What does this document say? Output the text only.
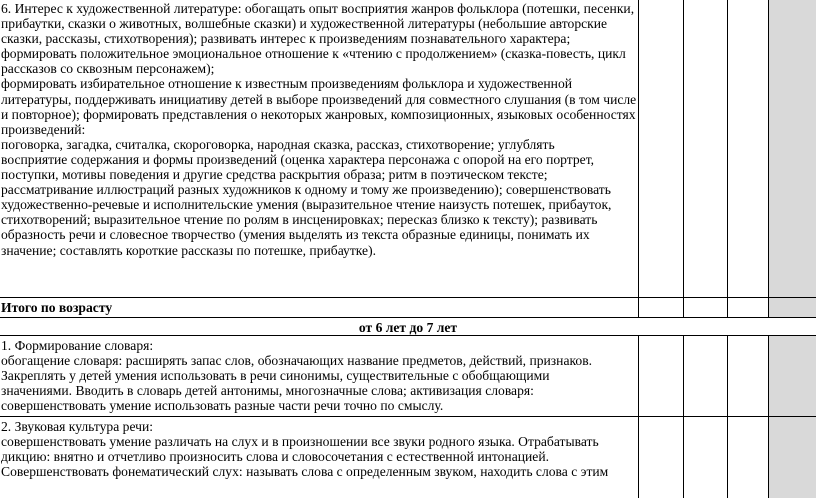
6. Интерес к художественной литературе: обогащать опыт восприятия жанров фольклора (потешки, песенки,

прибаутки, сказки о животных, волшебные сказки) и художественной литературы (небольшие авторские

сказки, рассказы, стихотворения); развивать интерес к произведениям познавательного характера;

формировать положительное эмоциональное отношение к «чтению с продолжением» (сказка-повесть, цикл

рассказов со сквозным персонажем);

формировать избирательное отношение к известным произведениям фольклора и художественной

литературы, поддерживать инициативу детей в выборе произведений для совместного слушания (в том числе

и повторное); формировать представления о некоторых жанровых, композиционных, языковых особенностях

произведений:

поговорка, загадка, считалка, скороговорка, народная сказка, рассказ, стихотворение; углублять

восприятие содержания и формы произведений (оценка характера персонажа с опорой на его портрет,

поступки, мотивы поведения и другие средства раскрытия образа; ритм в поэтическом тексте;

рассматривание иллюстраций разных художников к одному и тому же произведению); совершенствовать

художественно-речевые и исполнительские умения (выразительное чтение наизусть потешек, прибауток,

стихотворений; выразительное чтение по ролям в инсценировках; пересказ близко к тексту); развивать

образность речи и словесное творчество (умения выделять из текста образные единицы, понимать их

значение; составлять короткие рассказы по потешке, прибаутке).

Итого по возрасту
от 6 лет до 7 лет

1. Формирование словаря:

обогащение словаря: расширять запас слов, обозначающих название предметов, действий, признаков.

Закреплять у детей умения использовать в речи синонимы, существительные с обобщающими

значениями. Вводить в словарь детей антонимы, многозначные слова; активизация словаря:

совершенствовать умение использовать разные части речи точно по смыслу.

2. Звуковая культура речи:

совершенствовать умение различать на слух и в произношении все звуки родного языка. Отрабатывать

дикцию: внятно и отчетливо произносить слова и словосочетания с естественной интонацией.

Совершенствовать фонематический слух: называть слова с определенным звуком, находить слова с этим
